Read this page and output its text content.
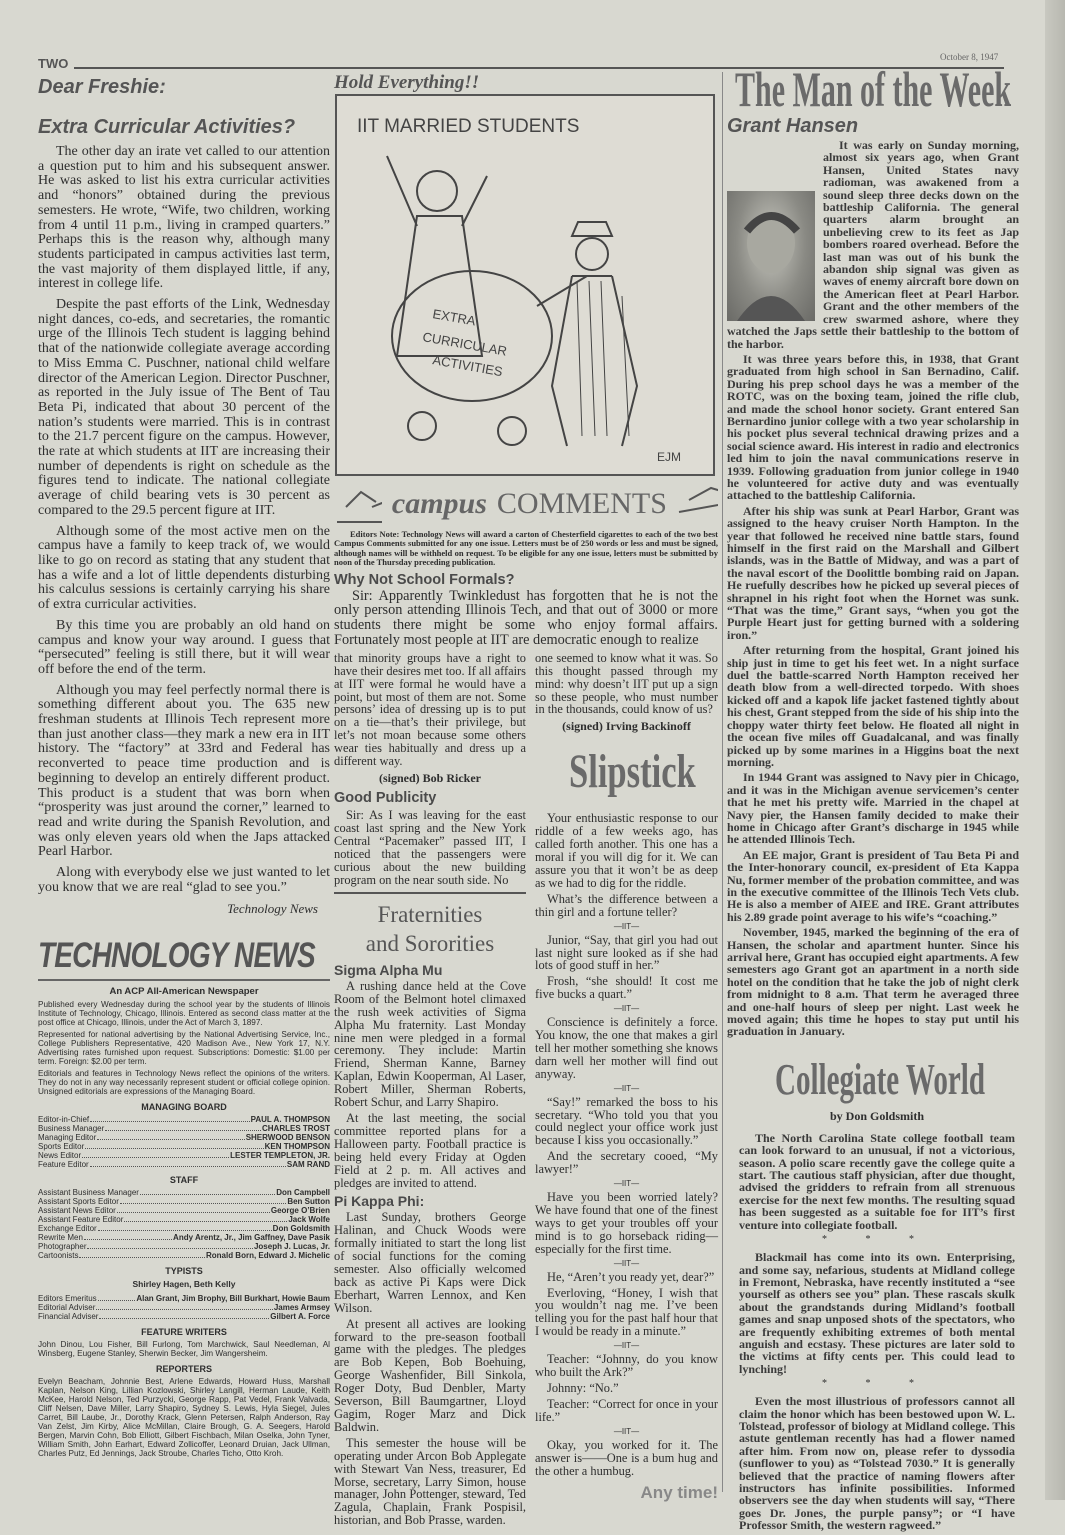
TWO	October 8, 1947
Dear Freshie:
Extra Curricular Activities?

The other day an irate vet called to our attention a question put to him and his subsequent answer. He was asked to list his extra curricular activities and “honors” obtained during the previous semesters. He wrote, “Wife, two children, working from 4 until 11 p.m., living in cramped quarters.” Perhaps this is the reason why, although many students participated in campus activities last term, the vast majority of them displayed little, if any, interest in college life.

Despite the past efforts of the Link, Wednesday night dances, co-eds, and secretaries, the romantic urge of the Illinois Tech student is lagging behind that of the nationwide collegiate average according to Miss Emma C. Puschner, national child welfare director of the American Legion. Director Puschner, as reported in the July issue of The Bent of Tau Beta Pi, indicated that about 30 percent of the nation’s students were married. This is in contrast to the 21.7 percent figure on the campus. However, the rate at which students at IIT are increasing their number of dependents is right on schedule as the figures tend to indicate. The national collegiate average of child bearing vets is 30 percent as compared to the 29.5 percent figure at IIT.

Although some of the most active men on the campus have a family to keep track of, we would like to go on record as stating that any student that has a wife and a lot of little dependents disturbing his calculus sessions is certainly carrying his share of extra curricular activities.

By this time you are probably an old hand on campus and know your way around. I guess that “persecuted” feeling is still there, but it will wear off before the end of the term.

Although you may feel perfectly normal there is something different about you. The 635 new freshman students at Illinois Tech represent more than just another class—they mark a new era in IIT history. The “factory” at 33rd and Federal has reconverted to peace time production and is beginning to develop an entirely different product. This product is a student that was born when “prosperity was just around the corner,” learned to read and write during the Spanish Revolution, and was only eleven years old when the Japs attacked Pearl Harbor.

Along with everybody else we just wanted to let you know that we are real “glad to see you.”

Technology News
TECHNOLOGY NEWS
An ACP All-American Newspaper

Published every Wednesday during the school year by the students of Illinois Institute of Technology, Chicago, Illinois. Entered as second class matter at the post office at Chicago, Illinois, under the Act of March 3, 1897.

Represented for national advertising by the National Advertising Service, Inc., College Publishers Representative, 420 Madison Ave., New York 17, N.Y. Advertising rates furnished upon request. Subscriptions: Domestic: $1.00 per term. Foreign: $2.00 per term.

Editorials and features in Technology News reflect the opinions of the writers. They do not in any way necessarily represent student or official college opinion. Unsigned editorials are expressions of the Managing Board.

MANAGING BOARD
Editor-in-Chief	PAUL A. THOMPSON
Business Manager	CHARLES TROST
Managing Editor	SHERWOOD BENSON
Sports Editor	KEN THOMPSON
News Editor	LESTER TEMPLETON, JR.
Feature Editor	SAM RAND
STAFF
Assistant Business Manager	Don Campbell
Assistant Sports Editor	Ben Sutton
Assistant News Editor	George O’Brien
Assistant Feature Editor	Jack Wolfe
Exchange Editor	Don Goldsmith
Rewrite Men	Andy Arentz, Jr., Jim Gaffney, Dave Pasik
Photographer	Joseph J. Lucas, Jr.
Cartoonists	Ronald Born, Edward J. Michelic
TYPISTS
Shirley Hagen, Beth Kelly
Editors Emeritus	Alan Grant, Jim Brophy, Bill Burkhart, Howie Baum
Editorial Adviser	James Armsey
Financial Adviser	Gilbert A. Force
FEATURE WRITERS

John Dinou, Lou Fisher, Bill Furlong, Tom Marchwick, Saul Needleman, Al Winsberg, Eugene Stanley, Sherwin Becker, Jim Wangersheim.

REPORTERS

Evelyn Beacham, Johnnie Best, Arlene Edwards, Howard Huss, Marshall Kaplan, Nelson King, Lillian Kozlowski, Shirley Langill, Herman Laude, Keith McKee, Harold Nelson, Ted Purzycki, George Rapp, Pat Vedel, Frank Valvada, Cliff Nelsen, Dave Miller, Larry Shapiro, Sydney S. Lewis, Hyla Siegel, Jules Carret, Bill Laube, Jr., Dorothy Krack, Glenn Petersen, Ralph Anderson, Ray Van Zelst, Jim Kirby, Alice McMillan, Claire Brough, G. A. Seegers, Harold Bergen, Marvin Cohn, Bob Elliott, Gilbert Fischbach, Milan Oselka, John Tyner, William Smith, John Earhart, Edward Zollicoffer, Leonard Druian, Jack Ullman, Charles Putz, Ed Jennings, Jack Stroube, Charles Ticho, Otto Kroh.

Hold Everything!!
IIT MARRIED STUDENTS
EXTRA
CURRICULAR
ACTIVITIES
EJM
campus COMMENTS

Editors Note: Technology News will award a carton of Chesterfield cigarettes to each of the two best Campus Comments submitted for any one issue. Letters must be of 250 words or less and must be signed, although names will be withheld on request. To be eligible for any one issue, letters must be submitted by noon of the Thursday preceding publication.

Why Not School Formals?

Sir: Apparently Twinkledust has forgotten that he is not the only person attending Illinois Tech, and that out of 3000 or more students there might be some who enjoy formal affairs. Fortunately most people at IIT are democratic enough to realize

that minority groups have a right to have their desires met too. If all affairs at IIT were formal he would have a point, but most of them are not. Some persons’ idea of dressing up is to put on a tie—that’s their privilege, but let’s not moan because some others wear ties habitually and dress up a different way.

(signed) Bob Ricker
Good Publicity

Sir: As I was leaving for the east coast last spring and the New York Central “Pacemaker” passed IIT, I noticed that the passengers were curious about the new building program on the near south side. No

Fraternities
and Sororities
Sigma Alpha Mu

A rushing dance held at the Cove Room of the Belmont hotel climaxed the rush week activities of Sigma Alpha Mu fraternity. Last Monday nine men were pledged in a formal ceremony. They include: Martin Friend, Sherman Kanne, Barney Kaplan, Edwin Kooperman, Al Laser, Robert Miller, Sherman Roberts, Robert Schur, and Larry Shapiro.

At the last meeting, the social committee reported plans for a Halloween party. Football practice is being held every Friday at Ogden Field at 2 p. m. All actives and pledges are invited to attend.

Pi Kappa Phi:

Last Sunday, brothers George Halinan, and Chuck Woods were formally initiated to start the long list of social functions for the coming semester. Also officially welcomed back as active Pi Kaps were Dick Eberhart, Warren Lennox, and Ken Wilson.

At present all actives are looking forward to the pre-season football game with the pledges. The pledges are Bob Kepen, Bob Boehuing, George Washenfider, Bill Sinkola, Roger Doty, Bud Denbler, Marty Severson, Bill Baumgartner, Lloyd Gagim, Roger Marz and Dick Baldwin.

This semester the house will be operating under Arcon Bob Applegate with Stewart Van Ness, treasurer, Ed Morse, secretary, Larry Simon, house manager, John Pottenger, steward, Ted Zagula, Chaplain, Frank Pospisil, historian, and Bob Prasse, warden.

one seemed to know what it was. So this thought passed through my mind: why doesn’t IIT put up a sign so these people, who must number in the thousands, could know of us?

(signed) Irving Backinoff
Slipstick

Your enthusiastic response to our riddle of a few weeks ago, has called forth another. This one has a moral if you will dig for it. We can assure you that it won’t be as deep as we had to dig for the riddle.

What’s the difference between a thin girl and a fortune teller?

—IIT—

Junior, “Say, that girl you had out last night sure looked as if she had lots of good stuff in her.”

Frosh, “she should! It cost me five bucks a quart.”

—IIT—

Conscience is definitely a force. You know, the one that makes a girl tell her mother something she knows darn well her mother will find out anyway.

—IIT—

“Say!” remarked the boss to his secretary. “Who told you that you could neglect your office work just because I kiss you occasionally.”

And the secretary cooed, “My lawyer!”

—IIT—

Have you been worried lately? We have found that one of the finest ways to get your troubles off your mind is to go horseback riding—especially for the first time.

—IIT—

He, “Aren’t you ready yet, dear?”

Everloving, “Honey, I wish that you wouldn’t nag me. I’ve been telling you for the past half hour that I would be ready in a minute.”

—IIT—

Teacher: “Johnny, do you know who built the Ark?”

Johnny: “No.”

Teacher: “Correct for once in your life.”

—IIT—

Okay, you worked for it. The answer is——One is a bum hug and the other a humbug.

Any time!
The Man of the Week
Grant Hansen

It was early on Sunday morning, almost six years ago, when Grant Hansen, United States navy radioman, was awakened from a sound sleep three decks down on the battleship California. The general quarters alarm brought an unbelieving crew to its feet as Jap bombers roared overhead. Before the last man was out of his bunk the abandon ship signal was given as waves of enemy aircraft bore down on the American fleet at Pearl Harbor. Grant and the other members of the crew swarmed ashore, where they watched the Japs settle their battleship to the bottom of the harbor.

It was three years before this, in 1938, that Grant graduated from high school in San Bernadino, Calif. During his prep school days he was a member of the ROTC, was on the boxing team, joined the rifle club, and made the school honor society. Grant entered San Bernardino junior college with a two year scholarship in his pocket plus several technical drawing prizes and a social science award. His interest in radio and electronics led him to join the naval communications reserve in 1939. Following graduation from junior college in 1940 he volunteered for active duty and was eventually attached to the battleship California.

After his ship was sunk at Pearl Harbor, Grant was assigned to the heavy cruiser North Hampton. In the year that followed he received nine battle stars, found himself in the first raid on the Marshall and Gilbert islands, was in the Battle of Midway, and was a part of the naval escort of the Doolittle bombing raid on Japan. He ruefully describes how he picked up several pieces of shrapnel in his right foot when the Hornet was sunk. “That was the time,” Grant says, “when you got the Purple Heart just for getting burned with a soldering iron.”

After returning from the hospital, Grant joined his ship just in time to get his feet wet. In a night surface duel the battle-scarred North Hampton received her death blow from a well-directed torpedo. With shoes kicked off and a kapok life jacket fastened tightly about his chest, Grant stepped from the side of his ship into the choppy water thirty feet below. He floated all night in the ocean five miles off Guadalcanal, and was finally picked up by some marines in a Higgins boat the next morning.

In 1944 Grant was assigned to Navy pier in Chicago, and it was in the Michigan avenue servicemen’s center that he met his pretty wife. Married in the chapel at Navy pier, the Hansen family decided to make their home in Chicago after Grant’s discharge in 1945 while he attended Illinois Tech.

An EE major, Grant is president of Tau Beta Pi and the Inter-honorary council, ex-president of Eta Kappa Nu, former member of the probation committee, and was in the executive committee of the Illinois Tech Vets club. He is also a member of AIEE and IRE. Grant attributes his 2.89 grade point average to his wife’s “coaching.”

November, 1945, marked the beginning of the era of Hansen, the scholar and apartment hunter. Since his arrival here, Grant has occupied eight apartments. A few semesters ago Grant got an apartment in a north side hotel on the condition that he take the job of night clerk from midnight to 8 a.m. That term he averaged three and one-half hours of sleep per night. Last week he moved again; this time he hopes to stay put until his graduation in January.

Collegiate World
by Don Goldsmith

The North Carolina State college football team can look forward to an unusual, if not a victorious, season. A polio scare recently gave the college quite a start. The cautious staff physician, after due thought, advised the gridders to refrain from all strenuous exercise for the next few months. The resulting squad has been suggested as a suitable foe for IIT’s first venture into collegiate football.

* * *

Blackmail has come into its own. Enterprising, and some say, nefarious, students at Midland college in Fremont, Nebraska, have recently instituted a “see yourself as others see you” plan. These rascals skulk about the grandstands during Midland’s football games and snap unposed shots of the spectators, who are frequently exhibiting extremes of both mental anguish and ecstasy. These pictures are later sold to the victims at fifty cents per. This could lead to lynching!

* * *

Even the most illustrious of professors cannot all claim the honor which has been bestowed upon W. L. Tolstead, professor of biology at Midland college. This astute gentleman recently has had a flower named after him. From now on, please refer to dyssodia (sunflower to you) as “Tolstead 7030.” It is generally believed that the practice of naming flowers after instructors has infinite possibilities. Informed observers see the day when students will say, “There goes Dr. Jones, the purple pansy”; or “I have Professor Smith, the western ragweed.”
